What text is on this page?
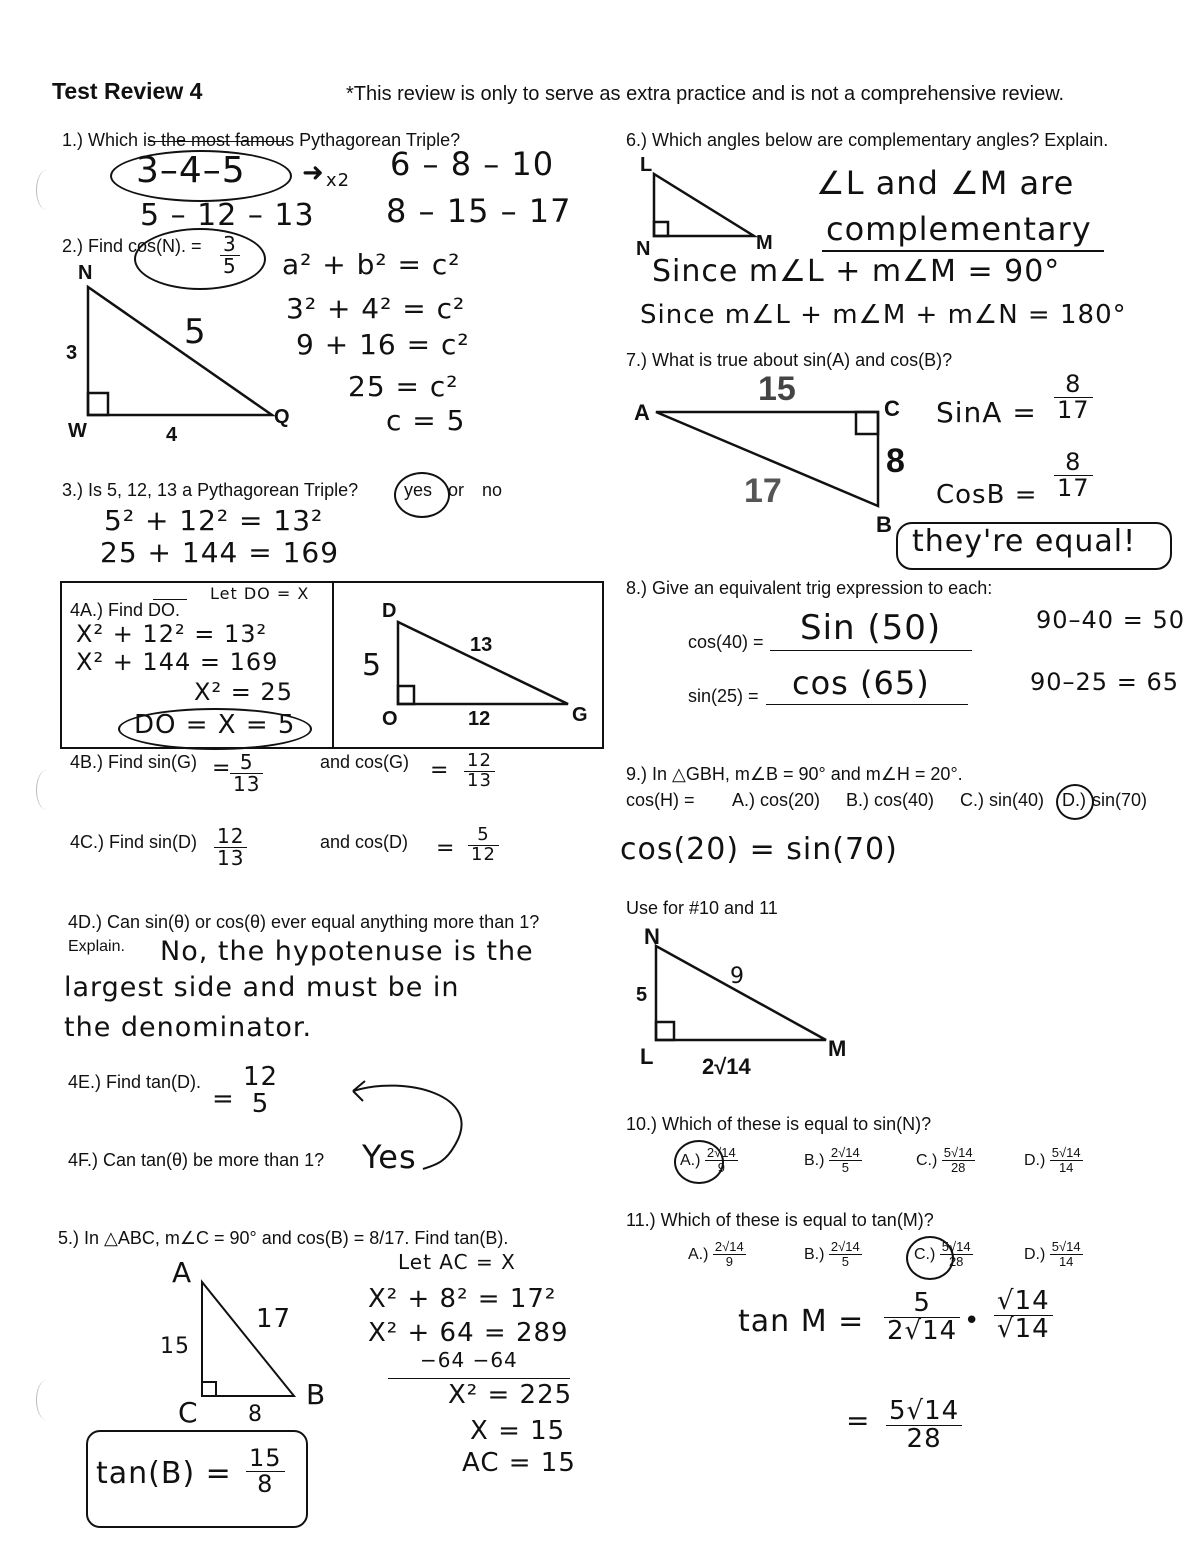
Test Review 4	*This review is only to serve as extra practice and is not a comprehensive review.
1.) Which is the most famous Pythagorean Triple?
3–4–5 ➜ x2 6 – 8 – 10
5 – 12 – 13 8 – 15 – 17
2.) Find cos(N). = $\frac{3}{5}$
N
W
Q
3
4
5
a² + b² = c²
3² + 4² = c²
9 + 16 = c²
25 = c²
c = 5
3.) Is 5, 12, 13 a Pythagorean Triple?	yes or no
5² + 12² = 13²
25 + 144 = 169
4A.) Find DO.
Let DO = X
X² + 12² = 13²
X² + 144 = 169
X² = 25
DO = X = 5
D
O	G
5
12
13
4B.) Find sin(G) =
$\frac{5}{13}$	and $\cos(G) = \frac{12}{13}$
4C.) Find $\sin(D) \frac{12}{13}$	and $\cos(D) = \frac{5}{12}$
4D.) Can sin(θ) or cos(θ) ever equal anything more than 1?
Explain. No, the hypotenuse is the
largest side and must be in
the denominator.
4E.) Find tan(D).
=
12
5
4F.) Can tan(θ) be more than 1? Yes
5.) In △ABC, m∠C = 90° and cos(B) = 8/17. Find tan(B).
Let AC = X
A
C
B
15
8
17
X² + 8² = 17²
X² + 64 = 289
−64 −64
X² = 225
X = 15
AC = 15
$\tan(B) = \frac{15}{8}$
6.) Which angles below are complementary angles? Explain.
L
N	M
∠L and ∠M are
complementary
Since m∠L + m∠M = 90°
Since m∠L + m∠M + m∠N = 180°
7.) What is true about sin(A) and cos(B)?
A	C
B
15
8
17
SinA = $\frac{8}{17}$
CosB = $\frac{8}{17}$
they're equal!
8.) Give an equivalent trig expression to each:
cos(40) = Sin (50)	90–40 = 50
sin(25) = cos (65)	90–25 = 65
9.) In △GBH, m∠B = 90° and m∠H = 20°.
cos(H) = A.) cos(20) B.) cos(40) C.) sin(40) D.) sin(70)
cos(20) = sin(70)
Use for #10 and 11
N
L	M
5
2√14
9
10.) Which of these is equal to sin(N)?
$A.) \frac{2√14}{9}$	$B.) \frac{2√14}{5}$	$C.) \frac{5√14}{28}$	$D.) \frac{5√14}{14}$
11.) Which of these is equal to tan(M)?
$A.) \frac{2√14}{9}$	$B.) \frac{2√14}{5}$	$C.) \frac{5√14}{28}$	$D.) \frac{5√14}{14}$
$\tan M = \frac{5}{2√14}$ • $\frac{√14}{√14}$
= $\frac{5√14}{28}$
